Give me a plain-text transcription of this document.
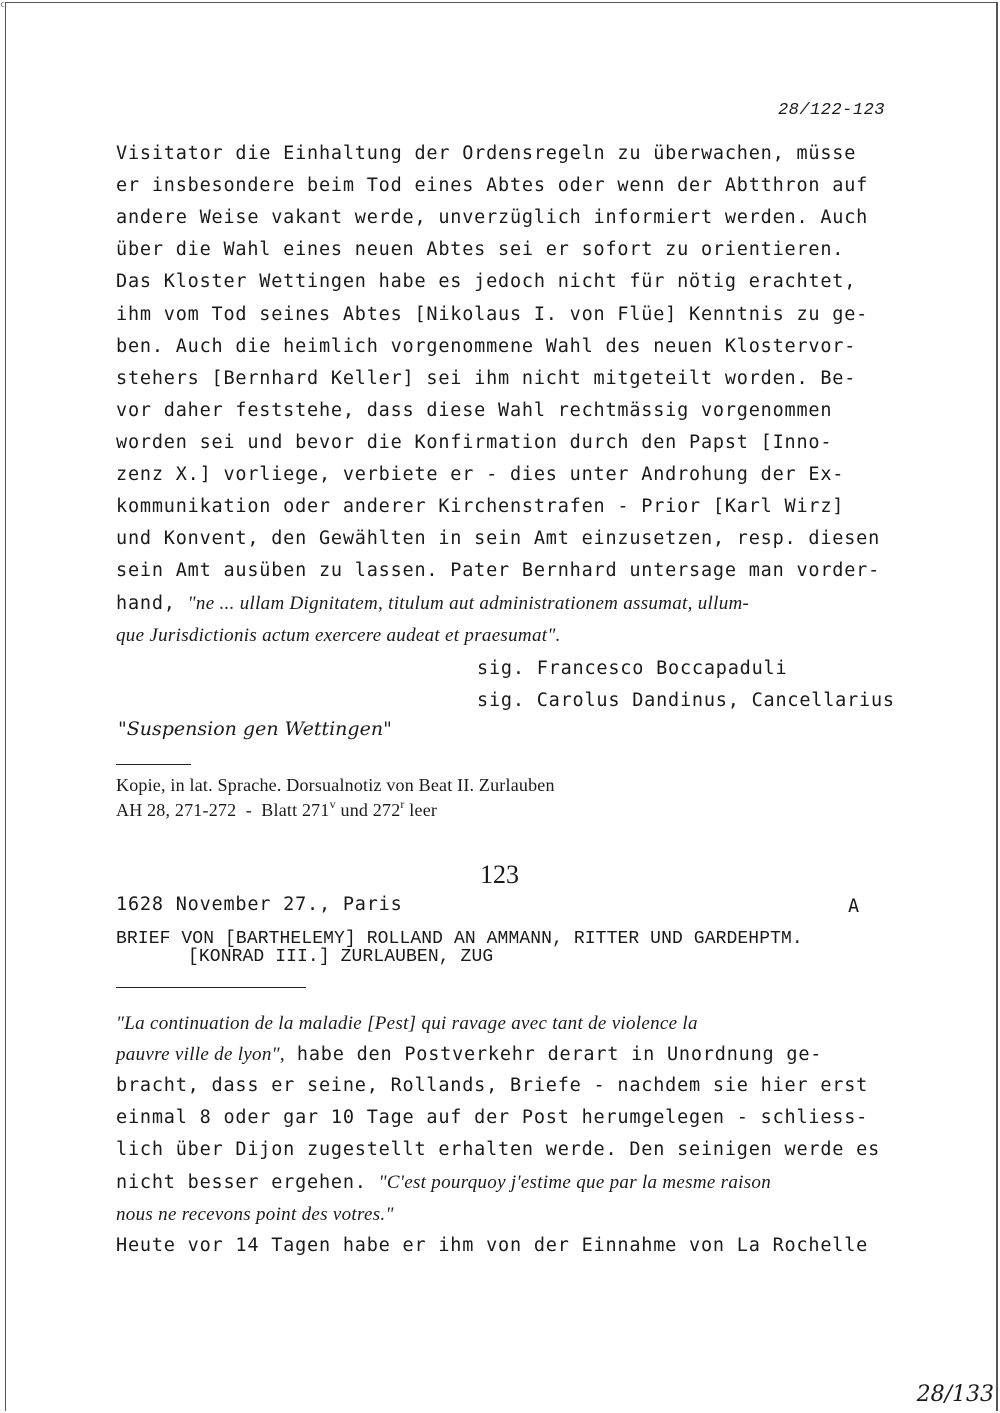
ᑦ
28/122-123
Visitator die Einhaltung der Ordensregeln zu überwachen, müsse
er insbesondere beim Tod eines Abtes oder wenn der Abtthron auf
andere Weise vakant werde, unverzüglich informiert werden. Auch
über die Wahl eines neuen Abtes sei er sofort zu orientieren.
Das Kloster Wettingen habe es jedoch nicht für nötig erachtet,
ihm vom Tod seines Abtes [Nikolaus I. von Flüe] Kenntnis zu ge-
ben. Auch die heimlich vorgenommene Wahl des neuen Klostervor-
stehers [Bernhard Keller] sei ihm nicht mitgeteilt worden. Be-
vor daher feststehe, dass diese Wahl rechtmässig vorgenommen
worden sei und bevor die Konfirmation durch den Papst [Inno-
zenz X.] vorliege, verbiete er - dies unter Androhung der Ex-
kommunikation oder anderer Kirchenstrafen - Prior [Karl Wirz]
und Konvent, den Gewählten in sein Amt einzusetzen, resp. diesen
sein Amt ausüben zu lassen. Pater Bernhard untersage man vorder-
hand, "ne ... ullam Dignitatem, titulum aut administrationem assumat, ullum-
que Jurisdictionis actum exercere audeat et praesumat".
sig. Francesco Boccapaduli
sig. Carolus Dandinus, Cancellarius
"Suspension gen Wettingen"
Kopie, in lat. Sprache. Dorsualnotiz von Beat II. Zurlauben
AH 28, 271-272  -  Blatt 271$^v$ und 272$^r$ leer
123
1628 November 27., Paris	A
BRIEF VON [BARTHELEMY] ROLLAND AN AMMANN, RITTER UND GARDEHPTM.
[KONRAD III.] ZURLAUBEN, ZUG
"La continuation de la maladie [Pest] qui ravage avec tant de violence la
pauvre ville de lyon", habe den Postverkehr derart in Unordnung ge-
bracht, dass er seine, Rollands, Briefe - nachdem sie hier erst
einmal 8 oder gar 10 Tage auf der Post herumgelegen - schliess-
lich über Dijon zugestellt erhalten werde. Den seinigen werde es
nicht besser ergehen. "C'est pourquoy j'estime que par la mesme raison
nous ne recevons point des votres."
Heute vor 14 Tagen habe er ihm von der Einnahme von La Rochelle
28/133
